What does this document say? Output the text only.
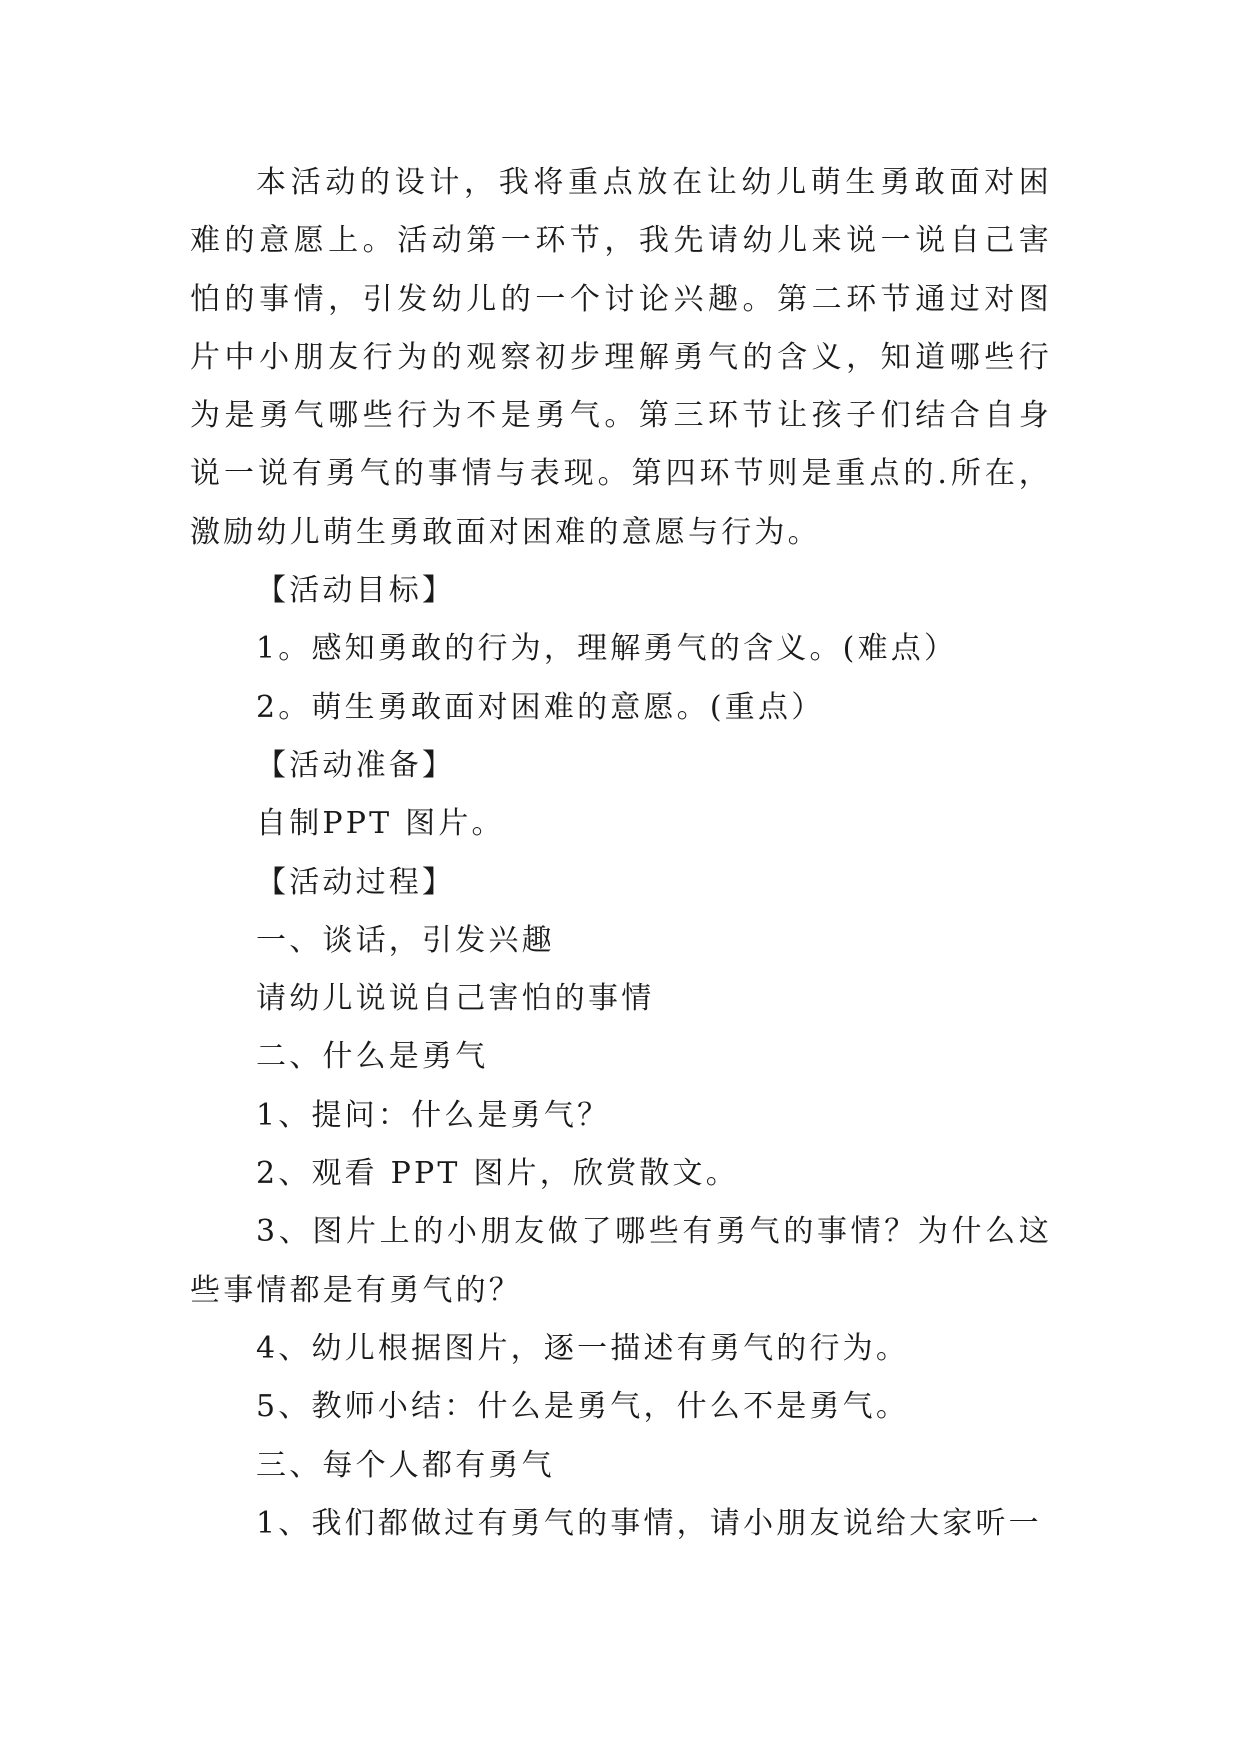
本活动的设计，我将重点放在让幼儿萌生勇敢面对困难的意愿上。活动第一环节，我先请幼儿来说一说自己害怕的事情，引发幼儿的一个讨论兴趣。第二环节通过对图片中小朋友行为的观察初步理解勇气的含义，知道哪些行为是勇气哪些行为不是勇气。第三环节让孩子们结合自身说一说有勇气的事情与表现。第四环节则是重点的.所在，激励幼儿萌生勇敢面对困难的意愿与行为。

【活动目标】

1。感知勇敢的行为，理解勇气的含义。(难点）

2。萌生勇敢面对困难的意愿。(重点）

【活动准备】

自制PPT 图片。

【活动过程】

一、谈话，引发兴趣

请幼儿说说自己害怕的事情

二、什么是勇气

1、提问：什么是勇气？

2、观看 PPT 图片，欣赏散文。

3、图片上的小朋友做了哪些有勇气的事情？为什么这些事情都是有勇气的？

4、幼儿根据图片，逐一描述有勇气的行为。

5、教师小结：什么是勇气，什么不是勇气。

三、每个人都有勇气

1、我们都做过有勇气的事情，请小朋友说给大家听一
